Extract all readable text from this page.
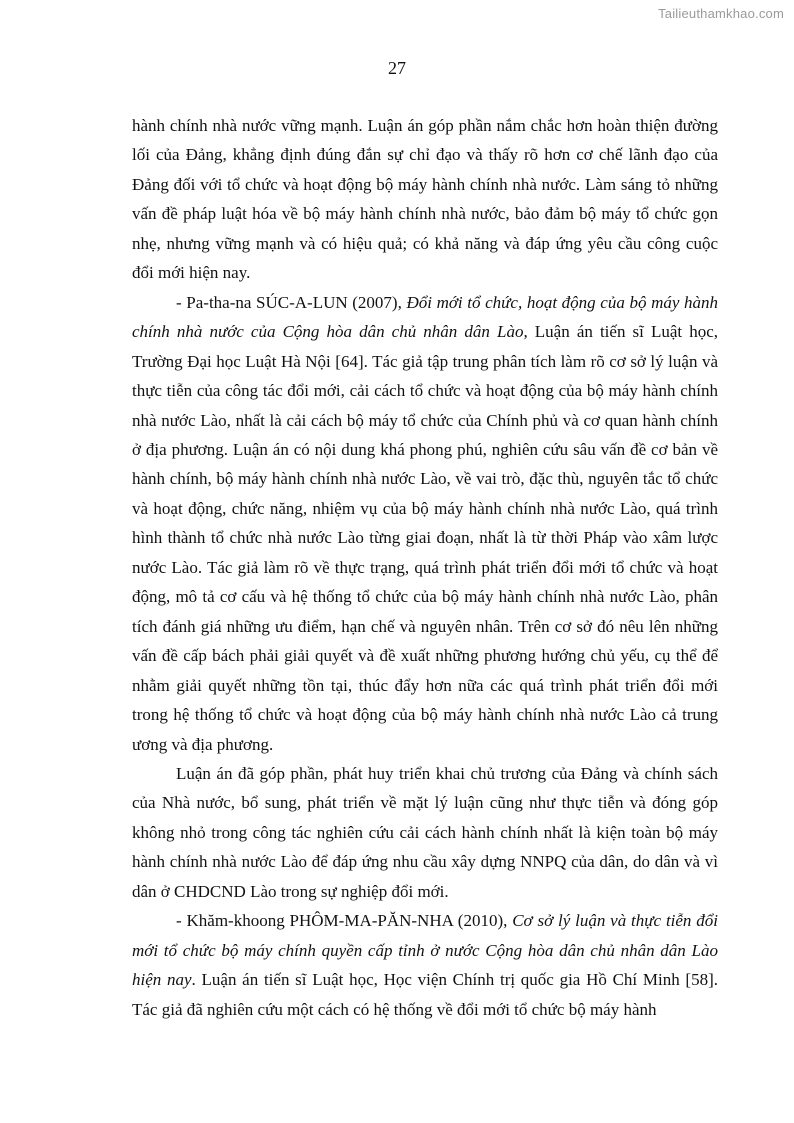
Tailieuthamkhao.com
27

hành chính nhà nước vững mạnh. Luận án góp phần nắm chắc hơn hoàn thiện đường lối của Đảng, khẳng định đúng đắn sự chỉ đạo và thấy rõ hơn cơ chế lãnh đạo của Đảng đối với tổ chức và hoạt động bộ máy hành chính nhà nước. Làm sáng tỏ những vấn đề pháp luật hóa về bộ máy hành chính nhà nước, bảo đảm bộ máy tổ chức gọn nhẹ, nhưng vững mạnh và có hiệu quả; có khả năng và đáp ứng yêu cầu công cuộc đổi mới hiện nay.

- Pa-tha-na SÚC-A-LUN (2007), Đổi mới tổ chức, hoạt động của bộ máy hành chính nhà nước của Cộng hòa dân chủ nhân dân Lào, Luận án tiến sĩ Luật học, Trường Đại học Luật Hà Nội [64]. Tác giả tập trung phân tích làm rõ cơ sở lý luận và thực tiễn của công tác đổi mới, cải cách tổ chức và hoạt động của bộ máy hành chính nhà nước Lào, nhất là cải cách bộ máy tổ chức của Chính phủ và cơ quan hành chính ở địa phương. Luận án có nội dung khá phong phú, nghiên cứu sâu vấn đề cơ bản về hành chính, bộ máy hành chính nhà nước Lào, về vai trò, đặc thù, nguyên tắc tổ chức và hoạt động, chức năng, nhiệm vụ của bộ máy hành chính nhà nước Lào, quá trình hình thành tổ chức nhà nước Lào từng giai đoạn, nhất là từ thời Pháp vào xâm lược nước Lào. Tác giả làm rõ về thực trạng, quá trình phát triển đổi mới tổ chức và hoạt động, mô tả cơ cấu và hệ thống tổ chức của bộ máy hành chính nhà nước Lào, phân tích đánh giá những ưu điểm, hạn chế và nguyên nhân. Trên cơ sở đó nêu lên những vấn đề cấp bách phải giải quyết và đề xuất những phương hướng chủ yếu, cụ thể để nhằm giải quyết những tồn tại, thúc đẩy hơn nữa các quá trình phát triển đổi mới trong hệ thống tổ chức và hoạt động của bộ máy hành chính nhà nước Lào cả trung ương và địa phương.

Luận án đã góp phần, phát huy triển khai chủ trương của Đảng và chính sách của Nhà nước, bổ sung, phát triển về mặt lý luận cũng như thực tiễn và đóng góp không nhỏ trong công tác nghiên cứu cải cách hành chính nhất là kiện toàn bộ máy hành chính nhà nước Lào để đáp ứng nhu cầu xây dựng NNPQ của dân, do dân và vì dân ở CHDCND Lào trong sự nghiệp đổi mới.

- Khăm-khoong PHÔM-MA-PĂN-NHA (2010), Cơ sở lý luận và thực tiễn đổi mới tổ chức bộ máy chính quyền cấp tỉnh ở nước Cộng hòa dân chủ nhân dân Lào hiện nay. Luận án tiến sĩ Luật học, Học viện Chính trị quốc gia Hồ Chí Minh [58]. Tác giả đã nghiên cứu một cách có hệ thống về đổi mới tổ chức bộ máy hành
